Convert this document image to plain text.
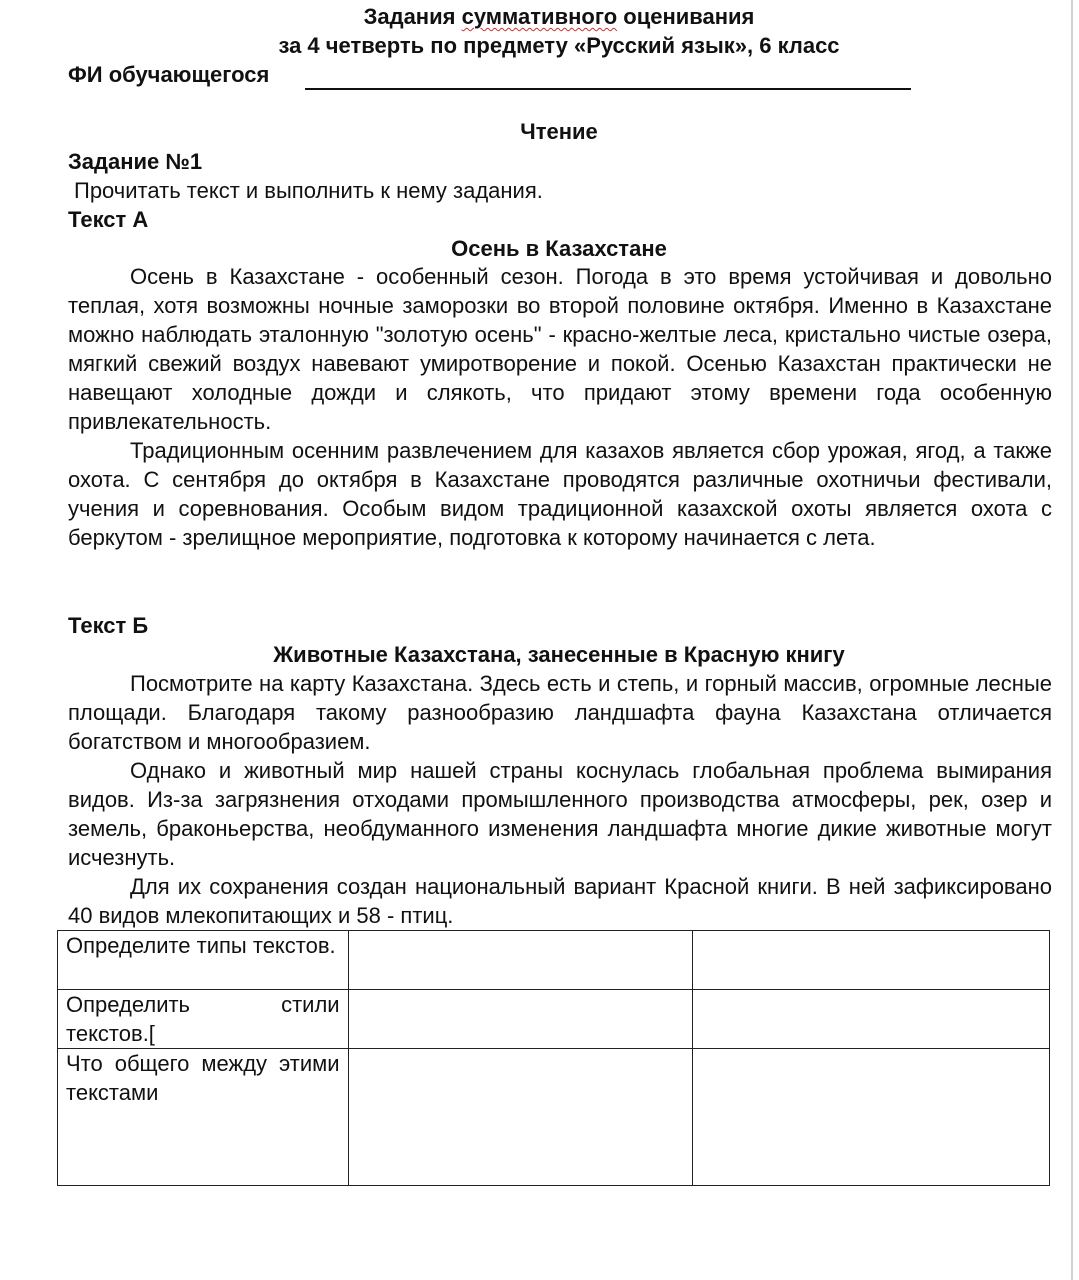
Задания суммативного оценивания
за 4 четверть по предмету «Русский язык», 6 класс
ФИ обучающегося
Чтение
Задание №1
Прочитать текст и выполнить к нему задания.
Текст А
Осень в Казахстане

Осень в Казахстане - особенный сезон. Погода в это время устойчивая и довольно теплая, хотя возможны ночные заморозки во второй половине октября. Именно в Казахстане можно наблюдать эталонную "золотую осень" - красно-желтые леса, кристально чистые озера, мягкий свежий воздух навевают умиротворение и покой. Осенью Казахстан практически не навещают холодные дожди и слякоть, что придают этому времени года особенную привлекательность.

Традиционным осенним развлечением для казахов является сбор урожая, ягод, а также охота. С сентября до октября в Казахстане проводятся различные охотничьи фестивали, учения и соревнования. Особым видом традиционной казахской охоты является охота с беркутом - зрелищное мероприятие, подготовка к которому начинается с лета.

Текст Б
Животные Казахстана, занесенные в Красную книгу

Посмотрите на карту Казахстана. Здесь есть и степь, и горный массив, огромные лесные площади. Благодаря такому разнообразию ландшафта фауна Казахстана отличается богатством и многообразием.

Однако и животный мир нашей страны коснулась глобальная проблема вымирания видов. Из-за загрязнения отходами промышленного производства атмосферы, рек, озер и земель, браконьерства, необдуманного изменения ландшафта многие дикие животные могут исчезнуть.

Для их сохранения создан национальный вариант Красной книги. В ней зафиксировано 40 видов млекопитающих и 58 - птиц.

Определите типы текстов.		

Определить стили текстов.[		

Что общего между этими текстами		
